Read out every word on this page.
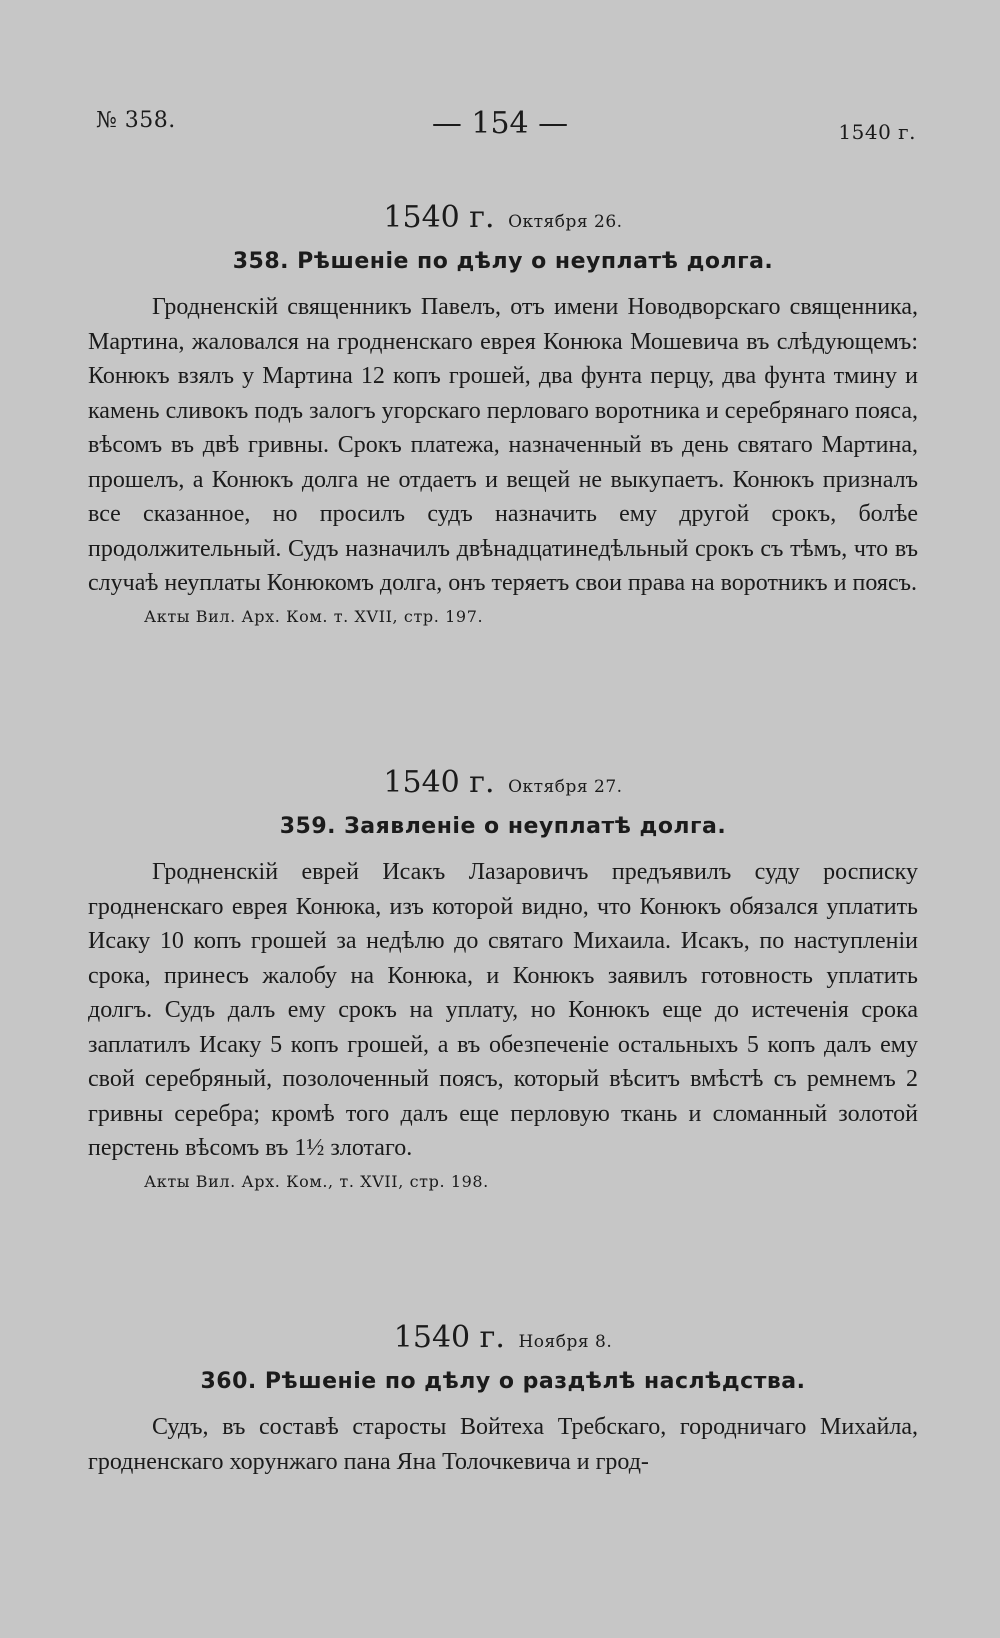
№ 358.	— 154 —	1540 г.
1540 г. Октября 26.
358. Рѣшеніе по дѣлу о неуплатѣ долга.

Гродненскій священникъ Павелъ, отъ имени Новодворскаго священника, Мартина, жаловался на гродненскаго еврея Конюка Мошевича въ слѣдующемъ: Конюкъ взялъ у Мартина 12 копъ грошей, два фунта перцу, два фунта тмину и камень сливокъ подъ залогъ угорскаго перловаго воротника и серебрянаго пояса, вѣсомъ въ двѣ гривны. Срокъ платежа, назначенный въ день святаго Мартина, прошелъ, а Конюкъ долга не отдаетъ и вещей не выкупаетъ. Конюкъ призналъ все сказанное, но просилъ судъ назначить ему другой срокъ, болѣе продолжительный. Судъ назначилъ двѣнадцатинедѣльный срокъ съ тѣмъ, что въ случаѣ неуплаты Конюкомъ долга, онъ теряетъ свои права на воротникъ и поясъ.

Акты Вил. Арх. Ком. т. XVII, стр. 197.
1540 г. Октября 27.
359. Заявленіе о неуплатѣ долга.

Гродненскій еврей Исакъ Лазаровичъ предъявилъ суду росписку гродненскаго еврея Конюка, изъ которой видно, что Конюкъ обязался уплатить Исаку 10 копъ грошей за недѣлю до святаго Михаила. Исакъ, по наступленіи срока, принесъ жалобу на Конюка, и Конюкъ заявилъ готовность уплатить долгъ. Судъ далъ ему срокъ на уплату, но Конюкъ еще до истеченія срока заплатилъ Исаку 5 копъ грошей, а въ обезпеченіе остальныхъ 5 копъ далъ ему свой серебряный, позолоченный поясъ, который вѣситъ вмѣстѣ съ ремнемъ 2 гривны серебра; кромѣ того далъ еще перловую ткань и сломанный золотой перстень вѣсомъ въ 1½ злотаго.

Акты Вил. Арх. Ком., т. XVII, стр. 198.
1540 г. Ноября 8.
360. Рѣшеніе по дѣлу о раздѣлѣ наслѣдства.

Судъ, въ составѣ старосты Войтеха Требскаго, городничаго Михайла, гродненскаго хорунжаго пана Яна Толочкевича и грод-
